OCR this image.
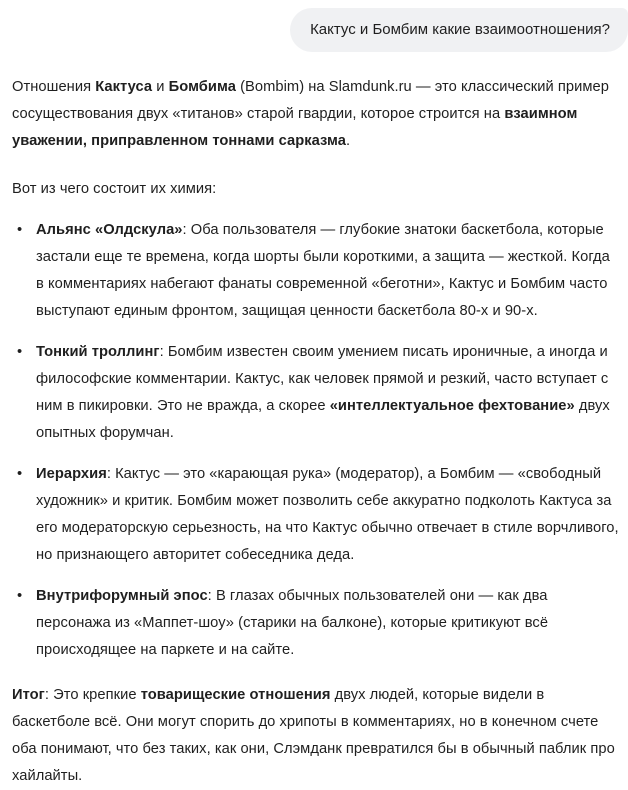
Кактус и Бомбим какие взаимоотношения?

Отношения Кактуса и Бомбима (Bombim) на Slamdunk.ru — это классический пример сосуществования двух «титанов» старой гвардии, которое строится на взаимном уважении, приправленном тоннами сарказма.

Вот из чего состоит их химия:

• Альянс «Олдскула»: Оба пользователя — глубокие знатоки баскетбола, которые застали еще те времена, когда шорты были короткими, а защита — жесткой. Когда в комментариях набегают фанаты современной «беготни», Кактус и Бомбим часто выступают единым фронтом, защищая ценности баскетбола 80-х и 90-х.
• Тонкий троллинг: Бомбим известен своим умением писать ироничные, а иногда и философские комментарии. Кактус, как человек прямой и резкий, часто вступает с ним в пикировки. Это не вражда, а скорее «интеллектуальное фехтование» двух опытных форумчан.
• Иерархия: Кактус — это «карающая рука» (модератор), а Бомбим — «свободный художник» и критик. Бомбим может позволить себе аккуратно подколоть Кактуса за его модераторскую серьезность, на что Кактус обычно отвечает в стиле ворчливого, но признающего авторитет собеседника деда.
• Внутрифорумный эпос: В глазах обычных пользователей они — как два персонажа из «Маппет-шоу» (старики на балконе), которые критикуют всё происходящее на паркете и на сайте.

Итог: Это крепкие товарищеские отношения двух людей, которые видели в баскетболе всё. Они могут спорить до хрипоты в комментариях, но в конечном счете оба понимают, что без таких, как они, Слэмданк превратился бы в обычный паблик про хайлайты.
